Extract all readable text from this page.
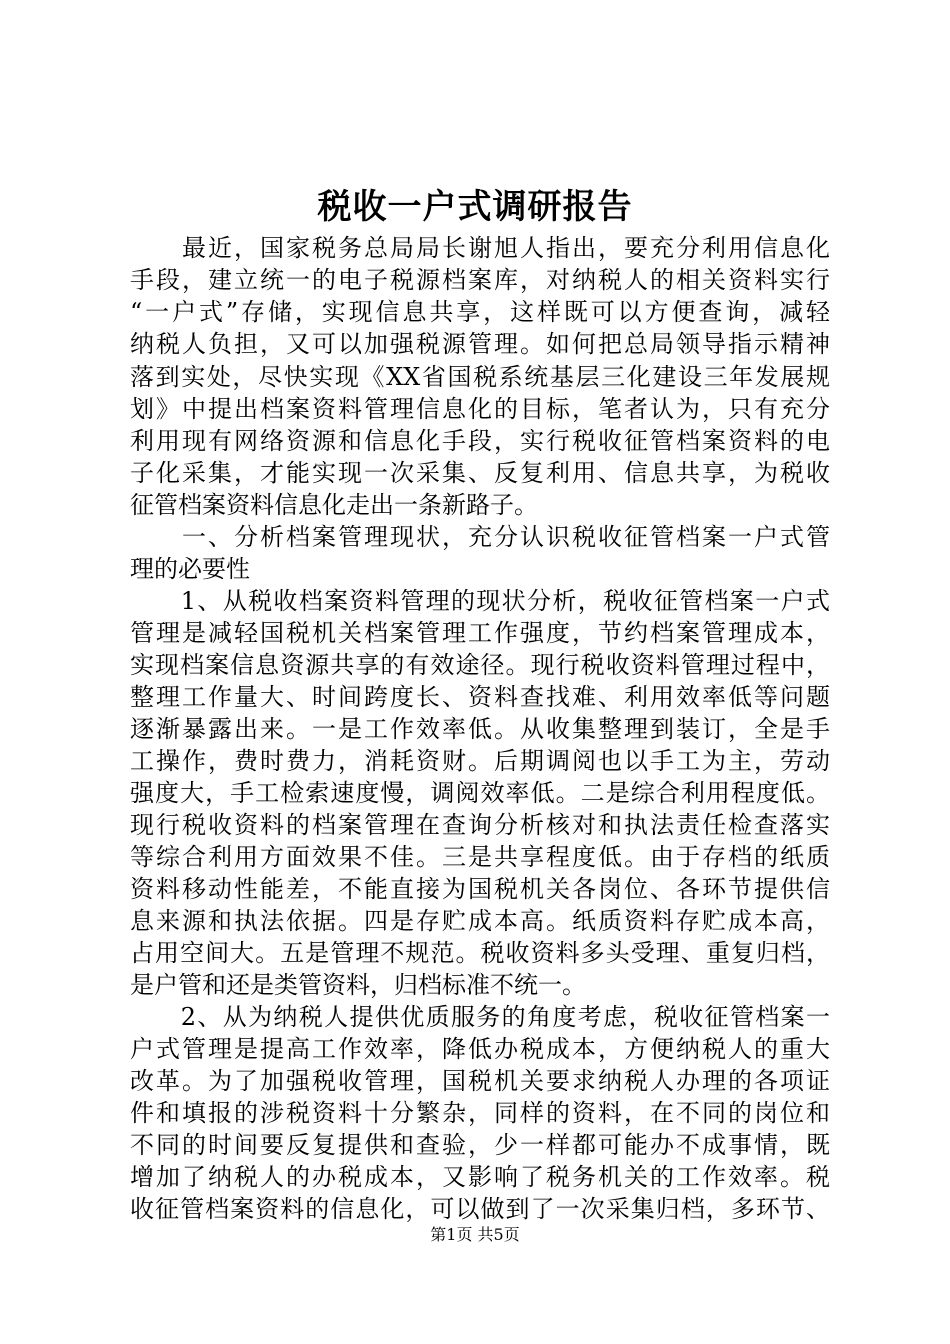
税收一户式调研报告
　　最近，国家税务总局局长谢旭人指出，要充分利用信息化
手段，建立统一的电子税源档案库，对纳税人的相关资料实行
“一户式”存储，实现信息共享，这样既可以方便查询，减轻
纳税人负担，又可以加强税源管理。如何把总局领导指示精神
落到实处，尽快实现《XX省国税系统基层三化建设三年发展规
划》中提出档案资料管理信息化的目标，笔者认为，只有充分
利用现有网络资源和信息化手段，实行税收征管档案资料的电
子化采集，才能实现一次采集、反复利用、信息共享，为税收
征管档案资料信息化走出一条新路子。
　　一、分析档案管理现状，充分认识税收征管档案一户式管
理的必要性
　　1、从税收档案资料管理的现状分析，税收征管档案一户式
管理是减轻国税机关档案管理工作强度，节约档案管理成本，
实现档案信息资源共享的有效途径。现行税收资料管理过程中，
整理工作量大、时间跨度长、资料查找难、利用效率低等问题
逐渐暴露出来。一是工作效率低。从收集整理到装订，全是手
工操作，费时费力，消耗资财。后期调阅也以手工为主，劳动
强度大，手工检索速度慢，调阅效率低。二是综合利用程度低。
现行税收资料的档案管理在查询分析核对和执法责任检查落实
等综合利用方面效果不佳。三是共享程度低。由于存档的纸质
资料移动性能差，不能直接为国税机关各岗位、各环节提供信
息来源和执法依据。四是存贮成本高。纸质资料存贮成本高，
占用空间大。五是管理不规范。税收资料多头受理、重复归档，
是户管和还是类管资料，归档标准不统一。
　　2、从为纳税人提供优质服务的角度考虑，税收征管档案一
户式管理是提高工作效率，降低办税成本，方便纳税人的重大
改革。为了加强税收管理，国税机关要求纳税人办理的各项证
件和填报的涉税资料十分繁杂，同样的资料，在不同的岗位和
不同的时间要反复提供和查验，少一样都可能办不成事情，既
增加了纳税人的办税成本，又影响了税务机关的工作效率。税
收征管档案资料的信息化，可以做到了一次采集归档，多环节、
第1页 共5页
